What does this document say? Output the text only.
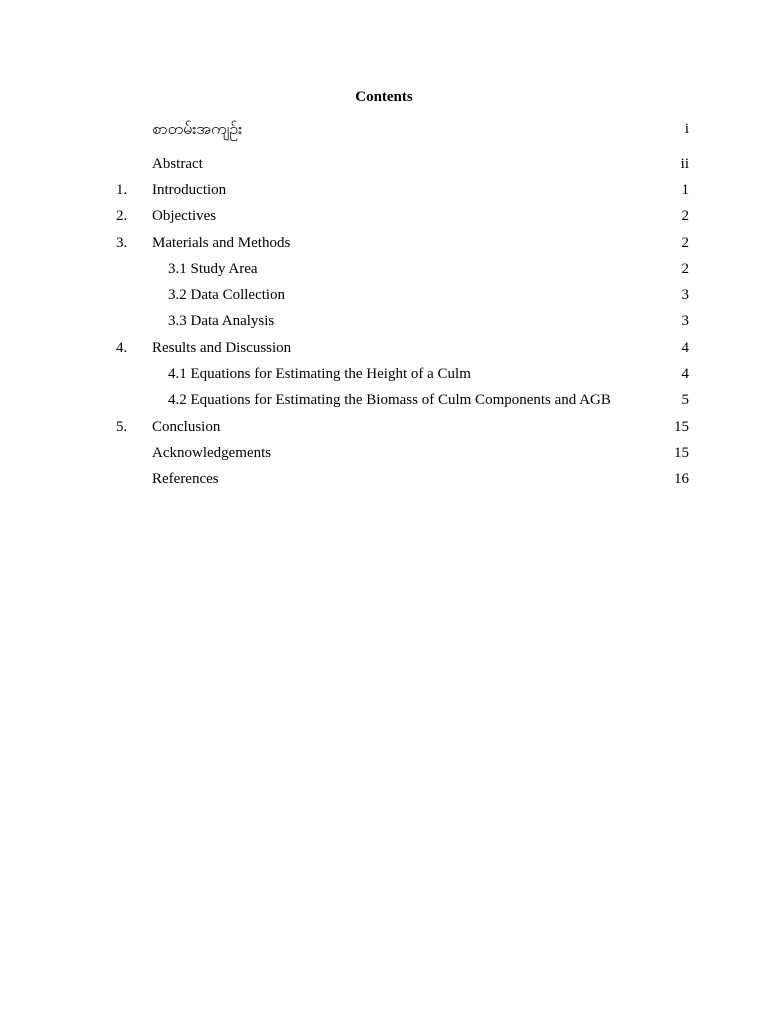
Contents
စာတမ်းအကျဉ်း	i
Abstract	ii
1. Introduction	1
2. Objectives	2
3. Materials and Methods	2
3.1 Study Area	2
3.2 Data Collection	3
3.3 Data Analysis	3
4. Results and Discussion	4
4.1 Equations for Estimating the Height of a Culm	4
4.2 Equations for Estimating the Biomass of Culm Components and AGB	5
5. Conclusion	15
Acknowledgements	15
References	16
